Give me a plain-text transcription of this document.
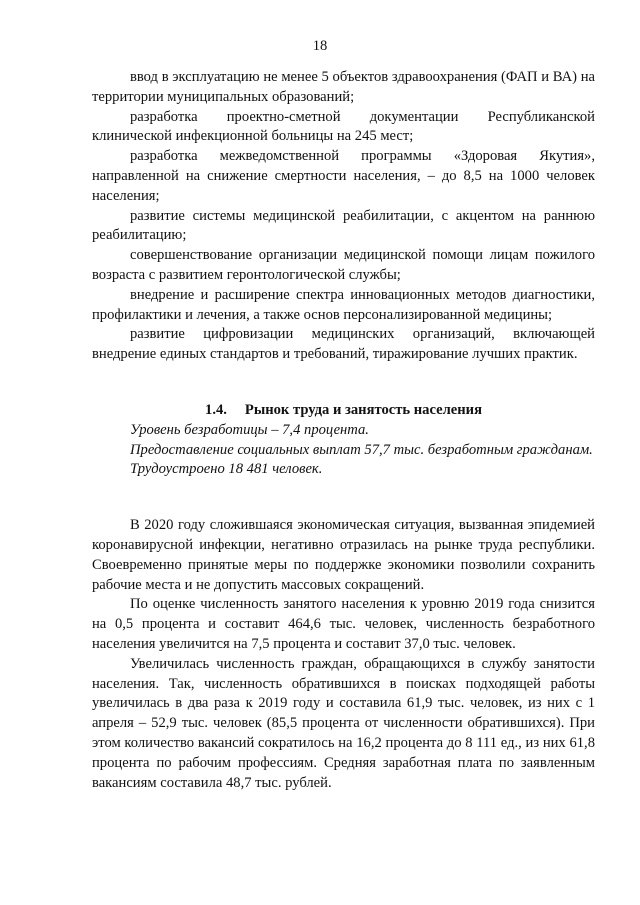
18

ввод в эксплуатацию не менее 5 объектов здравоохранения (ФАП и ВА) на территории муниципальных образований;

разработка проектно-сметной документации Республиканской клинической инфекционной больницы на 245 мест;

разработка межведомственной программы «Здоровая Якутия», направленной на снижение смертности населения, – до 8,5 на 1000 человек населения;

развитие системы медицинской реабилитации, с акцентом на раннюю реабилитацию;

совершенствование организации медицинской помощи лицам пожилого возраста с развитием геронтологической службы;

внедрение и расширение спектра инновационных методов диагностики, профилактики и лечения, а также основ персонализированной медицины;

развитие цифровизации медицинских организаций, включающей внедрение единых стандартов и требований, тиражирование лучших практик.

1.4. Рынок труда и занятость населения

Уровень безработицы – 7,4 процента.

Предоставление социальных выплат 57,7 тыс. безработным гражданам.

Трудоустроено 18 481 человек.

В 2020 году сложившаяся экономическая ситуация, вызванная эпидемией коронавирусной инфекции, негативно отразилась на рынке труда республики. Своевременно принятые меры по поддержке экономики позволили сохранить рабочие места и не допустить массовых сокращений.

По оценке численность занятого населения к уровню 2019 года снизится на 0,5 процента и составит 464,6 тыс. человек, численность безработного населения увеличится на 7,5 процента и составит 37,0 тыс. человек.

Увеличилась численность граждан, обращающихся в службу занятости населения. Так, численность обратившихся в поисках подходящей работы увеличилась в два раза к 2019 году и составила 61,9 тыс. человек, из них с 1 апреля – 52,9 тыс. человек (85,5 процента от численности обратившихся). При этом количество вакансий сократилось на 16,2 процента до 8 111 ед., из них 61,8 процента по рабочим профессиям. Средняя заработная плата по заявленным вакансиям составила 48,7 тыс. рублей.
